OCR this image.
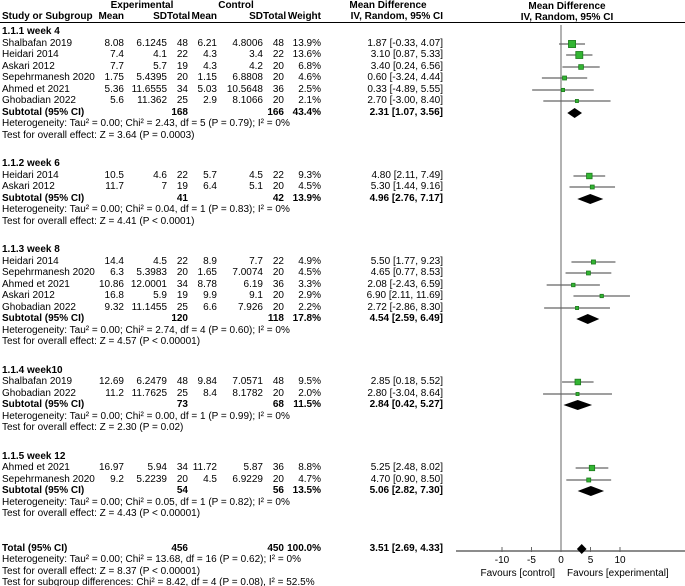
Experimental	Control	Mean Difference
Study or Subgroup Mean	SD Total Mean	SD Total Weight	IV, Random, 95% CI
Mean Difference
IV, Random, 95% CI
1.1.1 week 4
Shalbafan 2019	8.08	6.1245 48 6.21	4.8006 48 13.9%	1.87 [-0.33, 4.07]
Heidari 2014	7.4	4.1 22	4.3	3.4 22 13.6%	3.10 [0.87, 5.33]
Askari 2012	7.7	5.7 19	4.3	4.2 20	6.8%	3.40 [0.24, 6.56]
Sepehrmanesh 2020 1.75	5.4395 20 1.15	6.8808 20	4.6%	0.60 [-3.24, 4.44]
Ahmed et 2021	5.36 11.6555 34 5.03 10.5648 36	2.5%	0.33 [-4.89, 5.55]
Ghobadian 2022	5.6	11.362 25	2.9	8.1066 20	2.1%	2.70 [-3.00, 8.40]
Subtotal (95% CI)	168	166 43.4%	2.31 [1.07, 3.56]
Heterogeneity: Tau² = 0.00; Chi² = 2.43, df = 5 (P = 0.79); I² = 0%
Test for overall effect: Z = 3.64 (P = 0.0003)
1.1.2 week 6
Heidari 2014	10.5	4.6 22	5.7	4.5 22	9.3%	4.80 [2.11, 7.49]
Askari 2012	11.7	7 19	6.4	5.1 20	4.5%	5.30 [1.44, 9.16]
Subtotal (95% CI)	41	42 13.9%	4.96 [2.76, 7.17]
Heterogeneity: Tau² = 0.00; Chi² = 0.04, df = 1 (P = 0.83); I² = 0%
Test for overall effect: Z = 4.41 (P < 0.0001)
1.1.3 week 8
Heidari 2014	14.4	4.5 22	8.9	7.7 22	4.9%	5.50 [1.77, 9.23]
Sepehrmanesh 2020	6.3	5.3983 20 1.65	7.0074 20	4.5%	4.65 [0.77, 8.53]
Ahmed et 2021	10.86 12.0001 34 8.78	6.19 36	3.3%	2.08 [-2.43, 6.59]
Askari 2012	16.8	5.9 19	9.9	9.1 20	2.9%	6.90 [2.11, 11.69]
Ghobadian 2022	9.32 11.1455 25	6.6	7.926 20	2.2%	2.72 [-2.86, 8.30]
Subtotal (95% CI)	120	118 17.8%	4.54 [2.59, 6.49]
Heterogeneity: Tau² = 0.00; Chi² = 2.74, df = 4 (P = 0.60); I² = 0%
Test for overall effect: Z = 4.57 (P < 0.00001)
1.1.4 week10
Shalbafan 2019	12.69	6.2479 48 9.84	7.0571 48	9.5%	2.85 [0.18, 5.52]
Ghobadian 2022	11.2 11.7625 25	8.4	8.1782 20	2.0%	2.80 [-3.04, 8.64]
Subtotal (95% CI)	73	68 11.5%	2.84 [0.42, 5.27]
Heterogeneity: Tau² = 0.00; Chi² = 0.00, df = 1 (P = 0.99); I² = 0%
Test for overall effect: Z = 2.30 (P = 0.02)
1.1.5 week 12
Ahmed et 2021	16.97	5.94 34 11.72	5.87 36	8.8%	5.25 [2.48, 8.02]
Sepehrmanesh 2020	9.2	5.2239 20	4.5	6.9229 20	4.7%	4.70 [0.90, 8.50]
Subtotal (95% CI)	54	56 13.5%	5.06 [2.82, 7.30]
Heterogeneity: Tau² = 0.00; Chi² = 0.05, df = 1 (P = 0.82); I² = 0%
Test for overall effect: Z = 4.43 (P < 0.00001)
Total (95% CI)	456	450 100.0%	3.51 [2.69, 4.33]
Heterogeneity: Tau² = 0.00; Chi² = 13.68, df = 16 (P = 0.62); I² = 0%
Test for overall effect: Z = 8.37 (P < 0.00001)
Test for subgroup differences: Chi² = 8.42, df = 4 (P = 0.08), I² = 52.5%
-10 -5 0 5 10
Favours [control] Favours [experimental]
